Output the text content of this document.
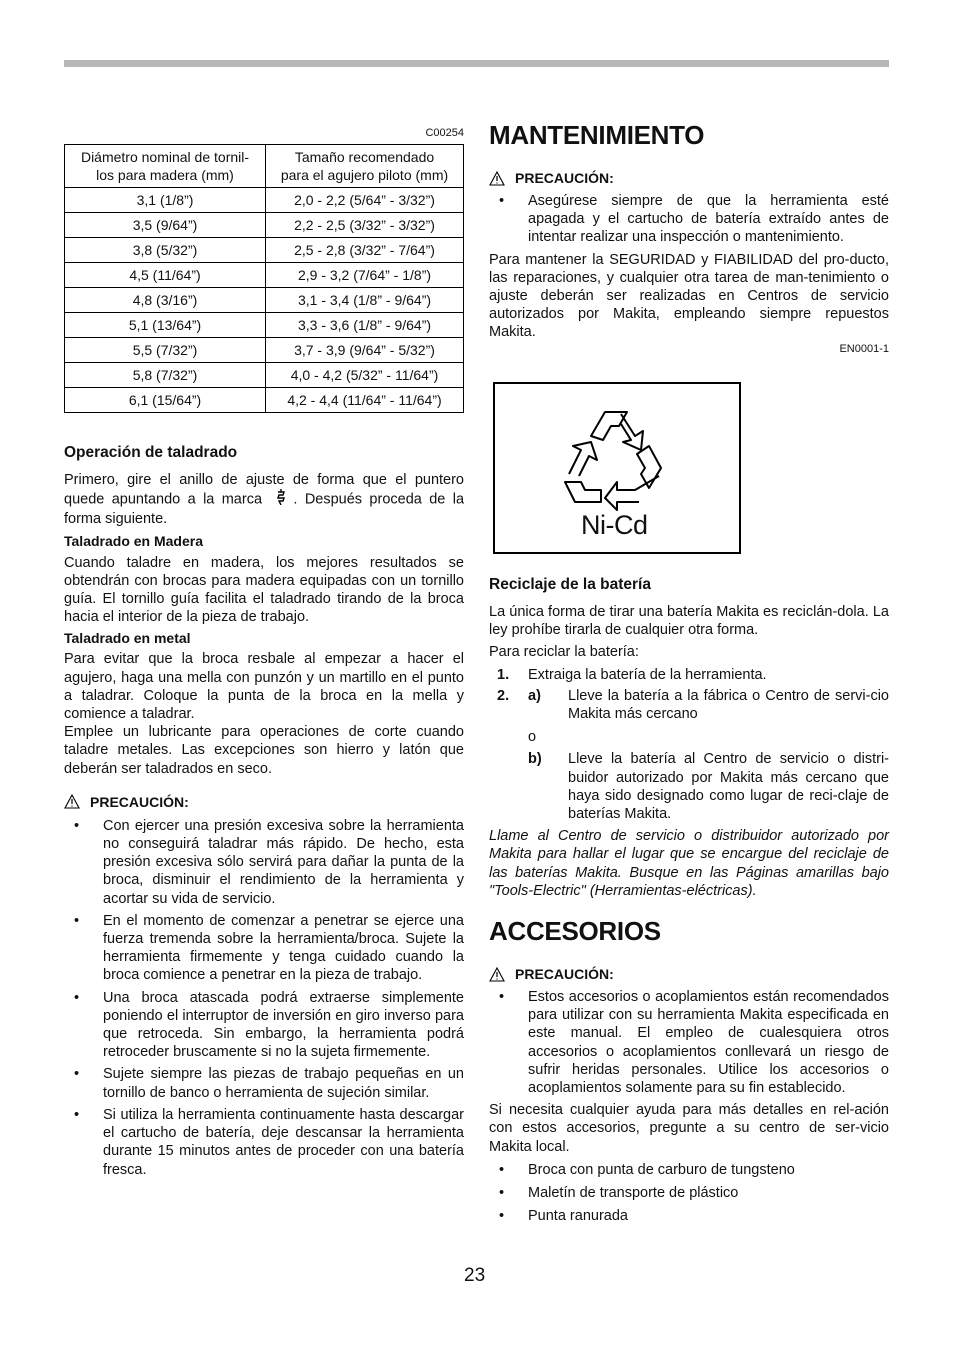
C00254
Diámetro nominal de tornil-
los para madera (mm)	Tamaño recomendado
para el agujero piloto (mm)
3,1 (1/8”)	2,0 - 2,2 (5/64” - 3/32”)
3,5 (9/64”)	2,2 - 2,5 (3/32” - 3/32”)
3,8 (5/32”)	2,5 - 2,8 (3/32” - 7/64”)
4,5 (11/64”)	2,9 - 3,2 (7/64” - 1/8”)
4,8 (3/16”)	3,1 - 3,4 (1/8” - 9/64”)
5,1 (13/64”)	3,3 - 3,6 (1/8” - 9/64”)
5,5 (7/32”)	3,7 - 3,9 (9/64” - 5/32”)
5,8 (7/32”)	4,0 - 4,2 (5/32” - 11/64”)
6,1 (15/64”)	4,2 - 4,4 (11/64” - 11/64”)
Operación de taladrado

Primero, gire el anillo de ajuste de forma que el puntero quede apuntando a la marca . Después proceda de la forma siguiente.

Taladrado en Madera

Cuando taladre en madera, los mejores resultados se obtendrán con brocas para madera equipadas con un tornillo guía. El tornillo guía facilita el taladrado tirando de la broca hacia el interior de la pieza de trabajo.

Taladrado en metal

Para evitar que la broca resbale al empezar a hacer el agujero, haga una mella con punzón y un martillo en el punto a taladrar. Coloque la punta de la broca en la mella y comience a taladrar.

Emplee un lubricante para operaciones de corte cuando taladre metales. Las excepciones son hierro y latón que deberán ser taladrados en seco.

PRECAUCIÓN:
• Con ejercer una presión excesiva sobre la herramienta no conseguirá taladrar más rápido. De hecho, esta presión excesiva sólo servirá para dañar la punta de la broca, disminuir el rendimiento de la herramienta y acortar su vida de servicio.
• En el momento de comenzar a penetrar se ejerce una fuerza tremenda sobre la herramienta/broca. Sujete la herramienta firmemente y tenga cuidado cuando la broca comience a penetrar en la pieza de trabajo.
• Una broca atascada podrá extraerse simplemente poniendo el interruptor de inversión en giro inverso para que retroceda. Sin embargo, la herramienta podrá retroceder bruscamente si no la sujeta firmemente.
• Sujete siempre las piezas de trabajo pequeñas en un tornillo de banco o herramienta de sujeción similar.
• Si utiliza la herramienta continuamente hasta descargar el cartucho de batería, deje descansar la herramienta durante 15 minutos antes de proceder con una batería fresca.
MANTENIMIENTO
PRECAUCIÓN:
• Asegúrese siempre de que la herramienta esté apagada y el cartucho de batería extraído antes de intentar realizar una inspección o mantenimiento.

Para mantener la SEGURIDAD y FIABILIDAD del pro-ducto, las reparaciones, y cualquier otra tarea de man-tenimiento o ajuste deberán ser realizadas en Centros de servicio autorizados por Makita, empleando siempre repuestos Makita.

EN0001-1
Ni-Cd
Reciclaje de la batería

La única forma de tirar una batería Makita es reciclán-dola. La ley prohíbe tirarla de cualquier otra forma.

Para reciclar la batería:

1.	Extraiga la batería de la herramienta.
2.	a)	Lleve la batería a la fábrica o Centro de servi-cio Makita más cercano
o
b)	Lleve la batería al Centro de servicio o distri-buidor autorizado por Makita más cercano que haya sido designado como lugar de reci-claje de baterías Makita.

Llame al Centro de servicio o distribuidor autorizado por Makita para hallar el lugar que se encargue del reciclaje de las baterías Makita. Busque en las Páginas amarillas bajo "Tools-Electric" (Herramientas-eléctricas).

ACCESORIOS
PRECAUCIÓN:
• Estos accesorios o acoplamientos están recomendados para utilizar con su herramienta Makita especificada en este manual. El empleo de cualesquiera otros accesorios o acoplamientos conllevará un riesgo de sufrir heridas personales. Utilice los accesorios o acoplamientos solamente para su fin establecido.

Si necesita cualquier ayuda para más detalles en rel-ación con estos accesorios, pregunte a su centro de ser-vicio Makita local.

• Broca con punta de carburo de tungsteno
• Maletín de transporte de plástico
• Punta ranurada
23
